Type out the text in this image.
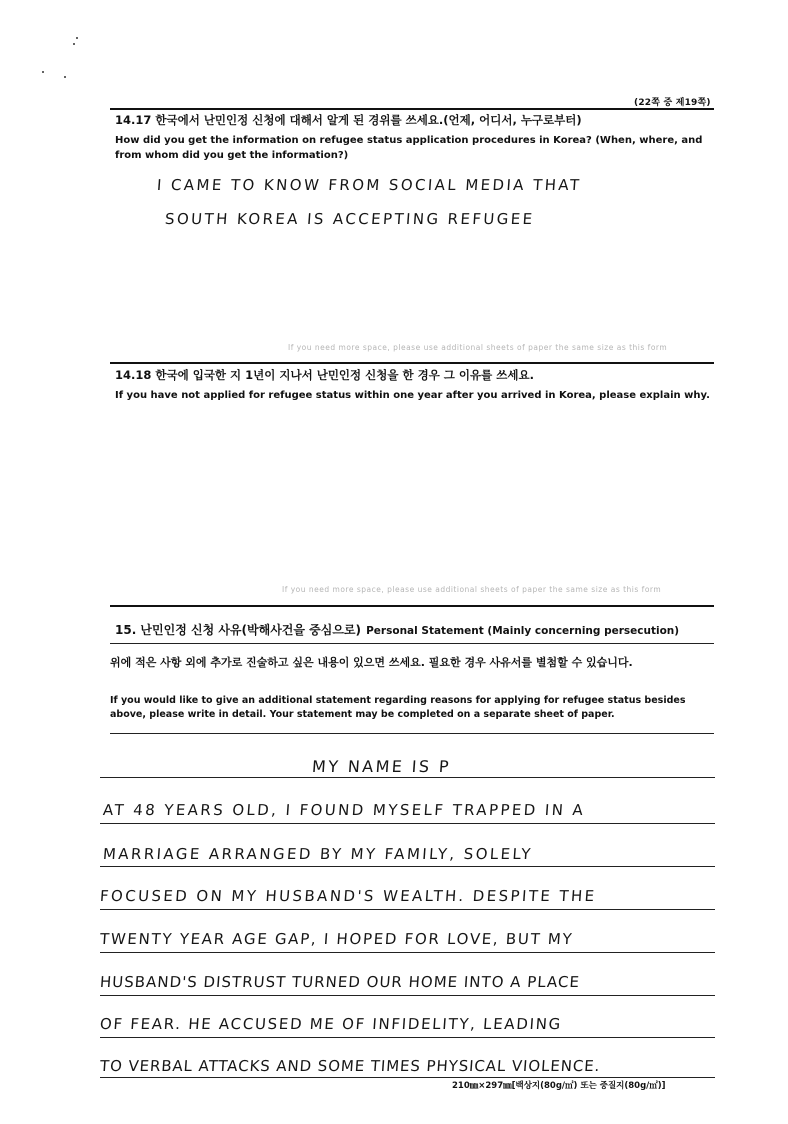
(22쪽 중 제19쪽)
14.17 한국에서 난민인정 신청에 대해서 알게 된 경위를 쓰세요.(언제, 어디서, 누구로부터)
How did you get the information on refugee status application procedures in Korea? (When, where, and from whom did you get the information?)
I CAME TO KNOW FROM SOCIAL MEDIA THAT
SOUTH KOREA IS ACCEPTING REFUGEE
If you need more space, please use additional sheets of paper the same size as this form
14.18 한국에 입국한 지 1년이 지나서 난민인정 신청을 한 경우 그 이유를 쓰세요.
If you have not applied for refugee status within one year after you arrived in Korea, please explain why.
If you need more space, please use additional sheets of paper the same size as this form
15. 난민인정 신청 사유(박해사건을 중심으로) Personal Statement (Mainly concerning persecution)
위에 적은 사항 외에 추가로 진술하고 싶은 내용이 있으면 쓰세요. 필요한 경우 사유서를 별첨할 수 있습니다.
If you would like to give an additional statement regarding reasons for applying for refugee status besides above, please write in detail. Your statement may be completed on a separate sheet of paper.
MY NAME IS P
AT 48 YEARS OLD, I FOUND MYSELF TRAPPED IN A
MARRIAGE ARRANGED BY MY FAMILY, SOLELY
FOCUSED ON MY HUSBAND'S WEALTH. DESPITE THE
TWENTY YEAR AGE GAP, I HOPED FOR LOVE, BUT MY
HUSBAND'S DISTRUST TURNED OUR HOME INTO A PLACE
OF FEAR. HE ACCUSED ME OF INFIDELITY, LEADING
TO VERBAL ATTACKS AND SOME TIMES PHYSICAL VIOLENCE.
210㎜×297㎜[백상지(80g/㎡) 또는 중질지(80g/㎡)]
